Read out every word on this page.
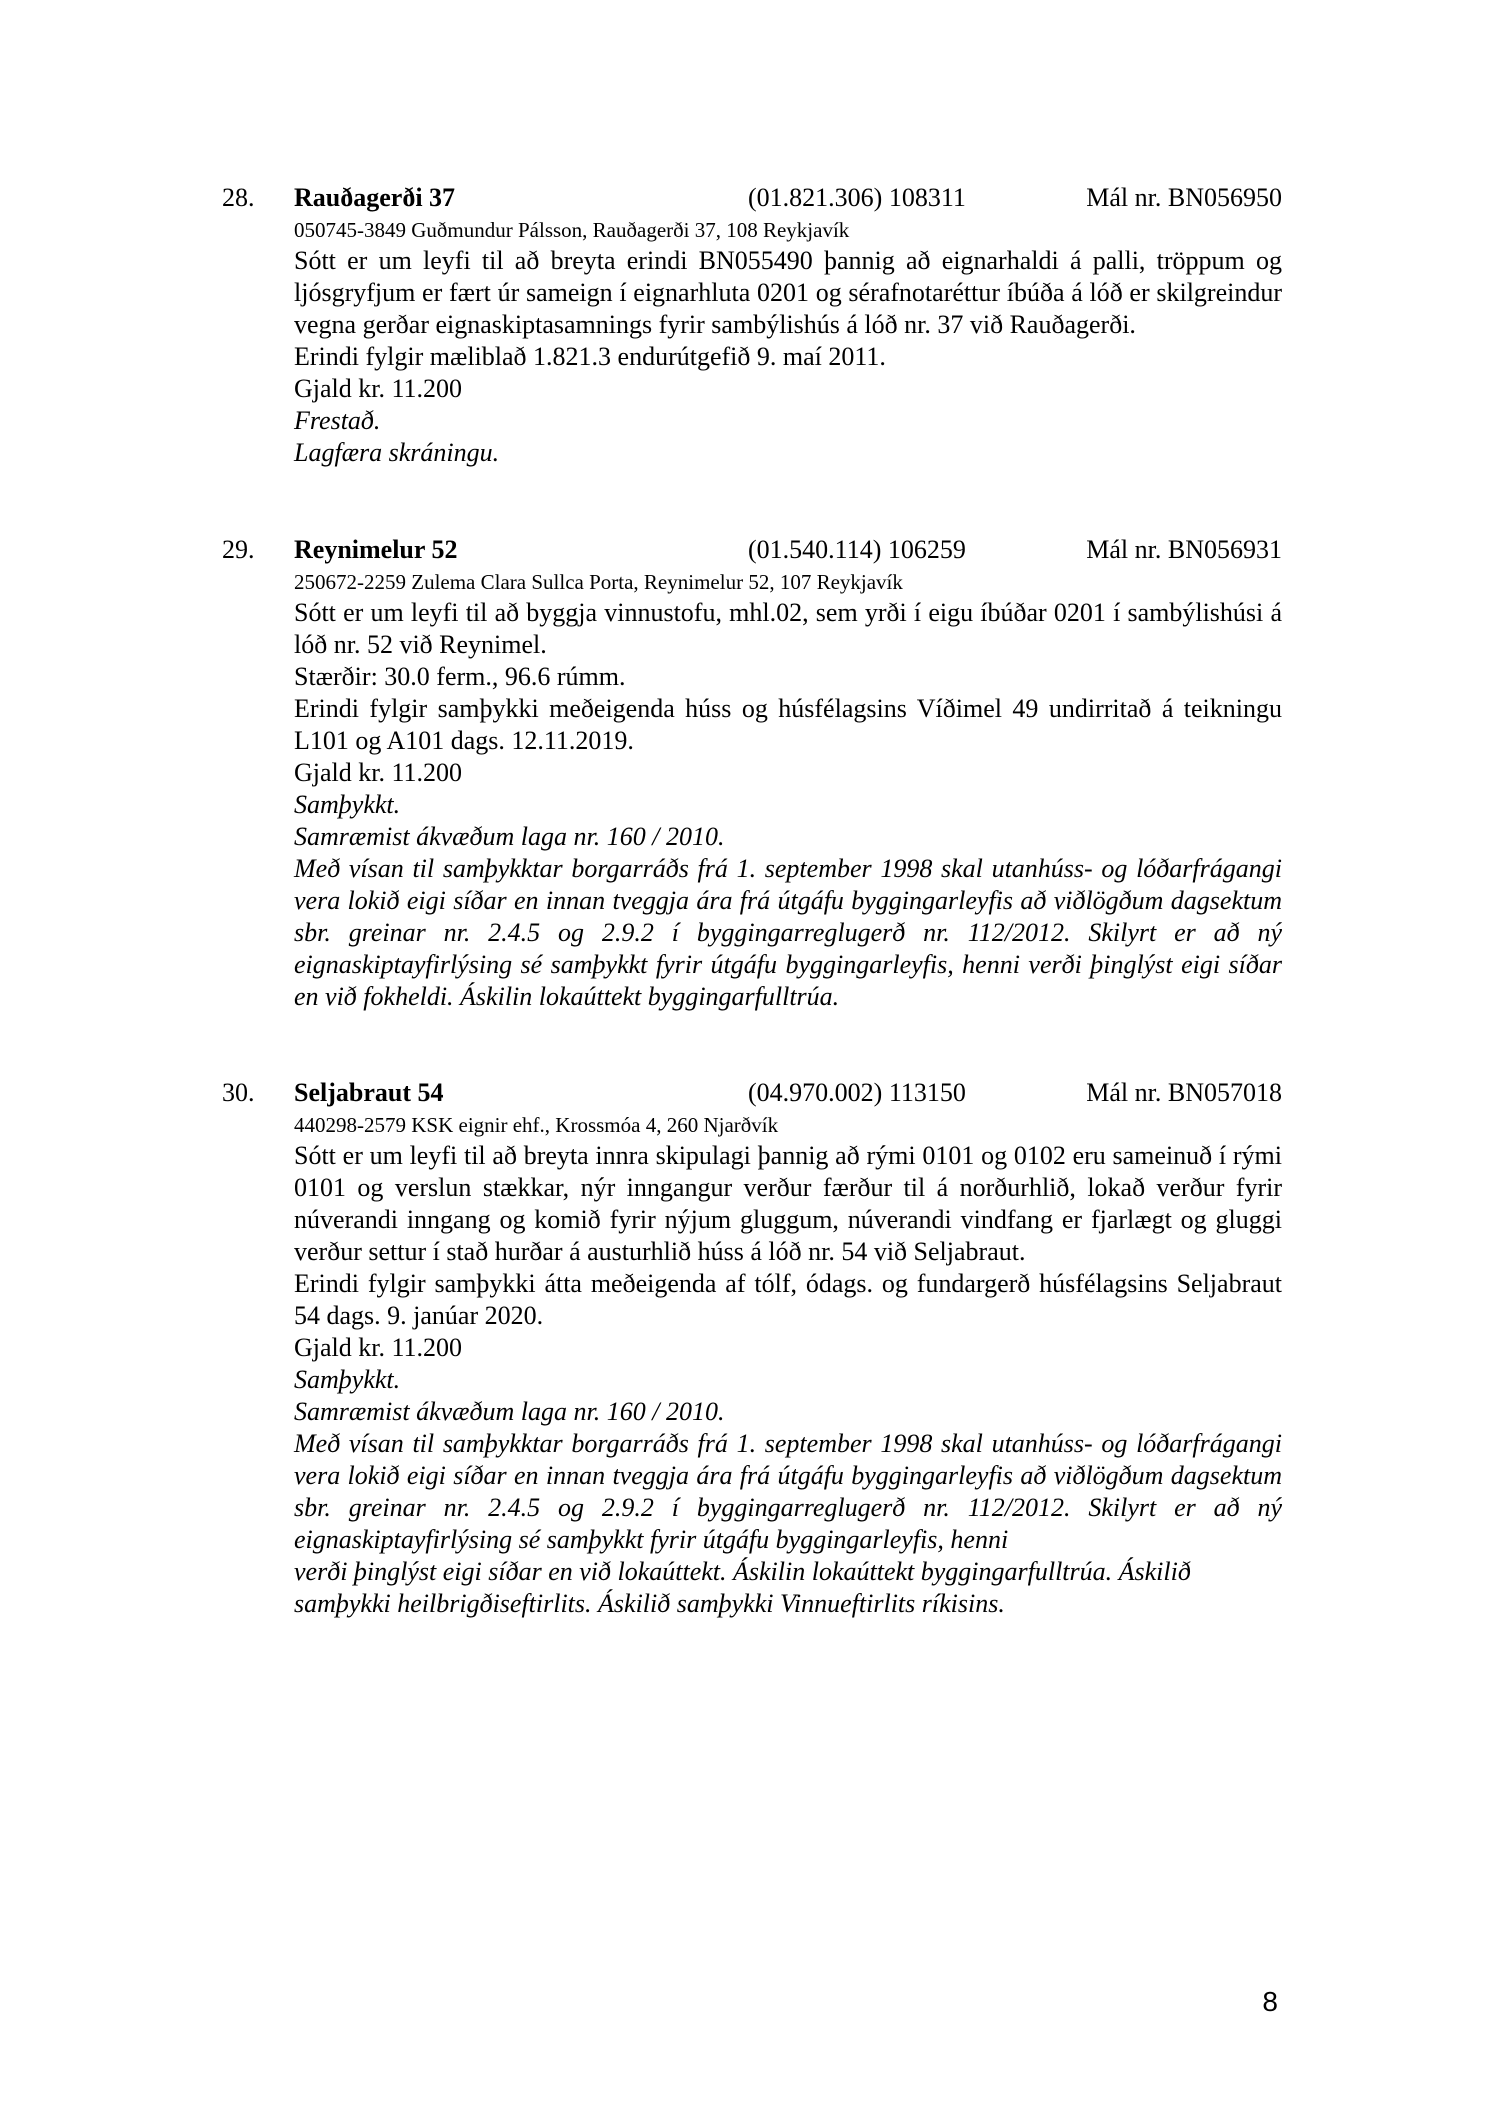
28. Rauðagerði 37	(01.821.306) 108311	Mál nr. BN056950

050745-3849 Guðmundur Pálsson, Rauðagerði 37, 108 Reykjavík

Sótt er um leyfi til að breyta erindi BN055490 þannig að eignarhaldi á palli, tröppum og ljósgryfjum er fært úr sameign í eignarhluta 0201 og sérafnotaréttur íbúða á lóð er skilgreindur vegna gerðar eignaskiptasamnings fyrir sambýlishús á lóð nr. 37 við Rauðagerði.

Erindi fylgir mæliblað 1.821.3 endurútgefið 9. maí 2011.

Gjald kr. 11.200

Frestað.

Lagfæra skráningu.

29. Reynimelur 52	(01.540.114) 106259	Mál nr. BN056931

250672-2259 Zulema Clara Sullca Porta, Reynimelur 52, 107 Reykjavík

Sótt er um leyfi til að byggja vinnustofu, mhl.02, sem yrði í eigu íbúðar 0201 í sambýlishúsi á lóð nr. 52 við Reynimel.

Stærðir: 30.0 ferm., 96.6 rúmm.

Erindi fylgir samþykki meðeigenda húss og húsfélagsins Víðimel 49 undirritað á teikningu L101 og A101 dags. 12.11.2019.

Gjald kr. 11.200

Samþykkt.

Samræmist ákvæðum laga nr. 160 / 2010.

Með vísan til samþykktar borgarráðs frá 1. september 1998 skal utanhúss- og lóðarfrágangi vera lokið eigi síðar en innan tveggja ára frá útgáfu byggingarleyfis að viðlögðum dagsektum sbr. greinar nr. 2.4.5 og 2.9.2 í byggingarreglugerð nr. 112/2012. Skilyrt er að ný eignaskiptayfirlýsing sé samþykkt fyrir útgáfu byggingarleyfis, henni verði þinglýst eigi síðar en við fokheldi. Áskilin lokaúttekt byggingarfulltrúa.

30. Seljabraut 54	(04.970.002) 113150	Mál nr. BN057018

440298-2579 KSK eignir ehf., Krossmóa 4, 260 Njarðvík

Sótt er um leyfi til að breyta innra skipulagi þannig að rými 0101 og 0102 eru sameinuð í rými 0101 og verslun stækkar, nýr inngangur verður færður til á norðurhlið, lokað verður fyrir núverandi inngang og komið fyrir nýjum gluggum, núverandi vindfang er fjarlægt og gluggi verður settur í stað hurðar á austurhlið húss á lóð nr. 54 við Seljabraut.

Erindi fylgir samþykki átta meðeigenda af tólf, ódags. og fundargerð húsfélagsins Seljabraut 54 dags. 9. janúar 2020.

Gjald kr. 11.200

Samþykkt.

Samræmist ákvæðum laga nr. 160 / 2010.

Með vísan til samþykktar borgarráðs frá 1. september 1998 skal utanhúss- og lóðarfrágangi vera lokið eigi síðar en innan tveggja ára frá útgáfu byggingarleyfis að viðlögðum dagsektum sbr. greinar nr. 2.4.5 og 2.9.2 í byggingarreglugerð nr. 112/2012. Skilyrt er að ný eignaskiptayfirlýsing sé samþykkt fyrir útgáfu byggingarleyfis, henni

verði þinglýst eigi síðar en við lokaúttekt. Áskilin lokaúttekt byggingarfulltrúa. Áskilið samþykki heilbrigðiseftirlits. Áskilið samþykki Vinnueftirlits ríkisins.

8
